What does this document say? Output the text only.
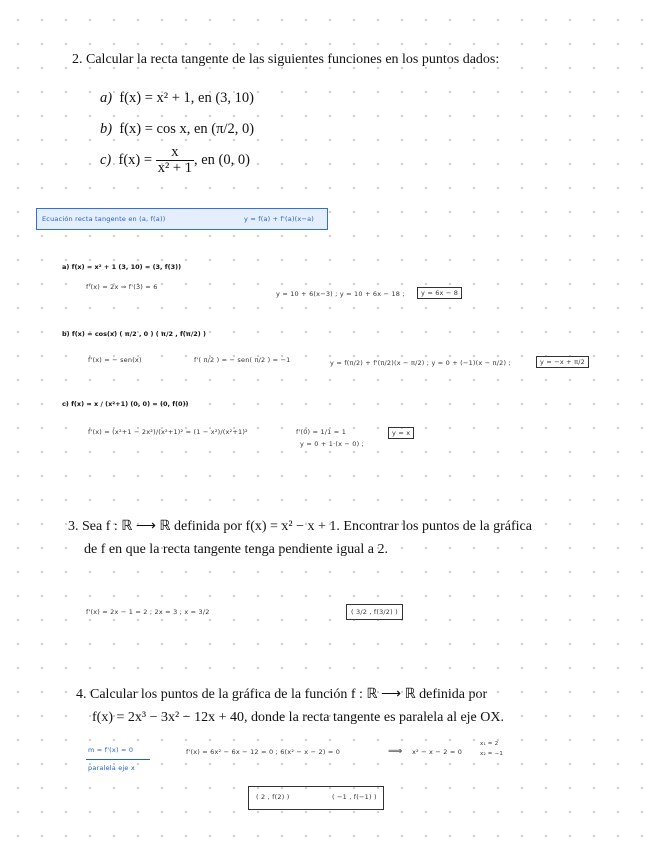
2. Calcular la recta tangente de las siguientes funciones en los puntos dados:
a) f(x) = x² + 1, en (3, 10)
b) f(x) = cos x, en (π/2, 0)
c) $f(x) = \frac{x}{\text{x² + 1}}$ , en (0, 0)
Ecuación recta tangente en (a, f(a))	y = f(a) + f'(a)(x−a)
a) f(x) = x² + 1 (3, 10) = (3, f(3))
f'(x) = 2x ⇒ f'(3) = 6
y = 10 + 6(x−3) ; y = 10 + 6x − 18 ;	y = 6x − 8
b) f(x) = cos(x) ( π/2 , 0 ) ( π/2 , f(π/2) )
f'(x) = − sen(x)	f'( π/2 ) = − sen( π/2 ) = −1	y = f(π/2) + f'(π/2)(x − π/2) ; y = 0 + (−1)(x − π/2) ;	y = −x + π/2
c) f(x) = x / (x²+1) (0, 0) = (0, f(0))
f'(x) = (x²+1 − 2x²)/(x²+1)² = (1 − x²)/(x²+1)²	f'(0) = 1/1 = 1
y = 0 + 1·(x − 0) ;
y = x
3. Sea f : ℝ ⟶ ℝ definida por f(x) = x² − x + 1. Encontrar los puntos de la gráfica
de f en que la recta tangente tenga pendiente igual a 2.
f'(x) = 2x − 1 = 2 ; 2x = 3 ; x = 3/2	( 3/2 , f(3/2) )
4. Calcular los puntos de la gráfica de la función f : ℝ ⟶ ℝ definida por
f(x) = 2x³ − 3x² − 12x + 40, donde la recta tangente es paralela al eje OX.
m = f'(x) = 0
paralela eje x
f'(x) = 6x² − 6x − 12 = 0 ; 6(x² − x − 2) = 0	⟹ x² − x − 2 = 0
x₁ = 2
x₂ = −1
( 2 , f(2) )	( −1 , f(−1) )
